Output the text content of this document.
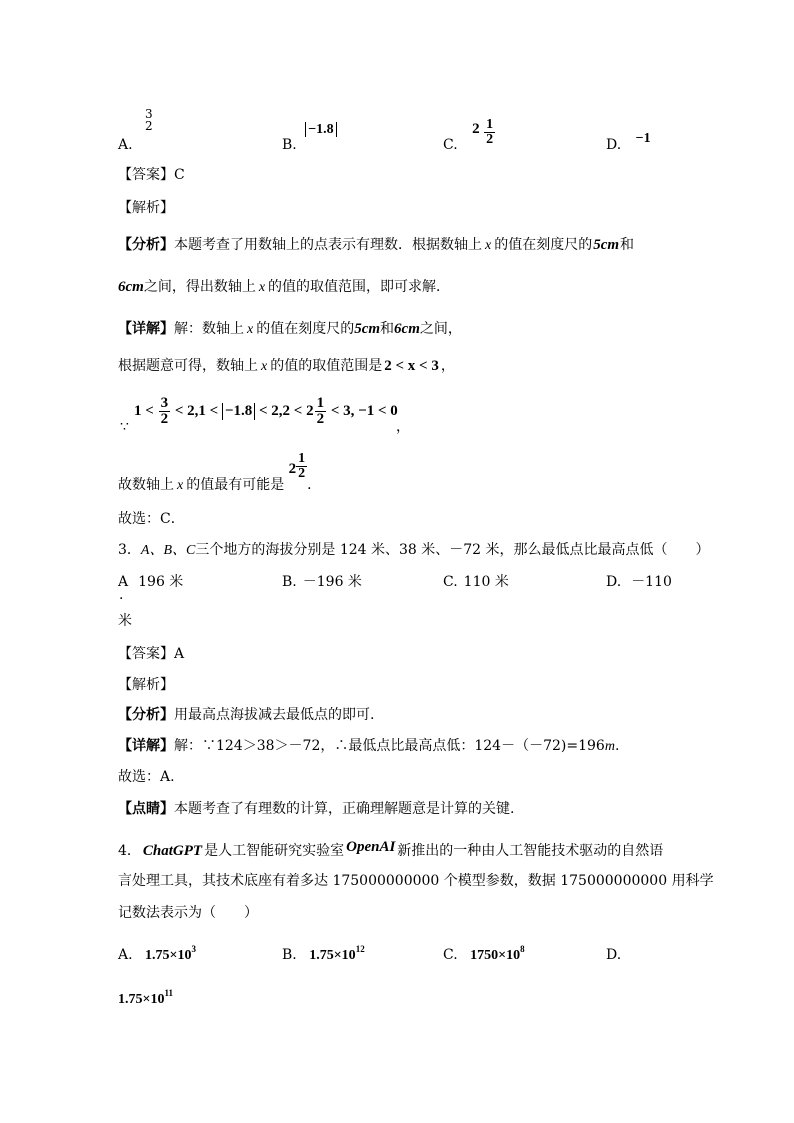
A.
3
2
B. −1.8
C. $2 \frac{1}{2}$	D. −1
【答案】C
【解析】
【分析】本题考查了用数轴上的点表示有理数．根据数轴上 x 的值在刻度尺的5cm和
6cm之间，得出数轴上 x 的值的取值范围，即可求解．
【详解】解：数轴上 x 的值在刻度尺的5cm和6cm之间，
根据题意可得，数轴上 x 的值的取值范围是 2 < x < 3 ，
∵
$1 < \frac{3}{2} < 2,1 < -1.8 < 2,2 < 2 \frac{1}{2} < 3$, −1 < 0
，
故数轴上 x 的值最有可能是 $2 \frac{1}{2}$
．
故选：C．
3．A、B、C三个地方的海拔分别是 124 米、38 米、－72 米，那么最低点比最高点低（　　）
A 196 米
.
B. －196 米	C. 110 米	D. －110
米
【答案】A
【解析】
【分析】用最高点海拔减去最低点的即可.
【详解】解：∵124＞38＞－72，∴最低点比最高点低：124－（－72)=196m.
故选：A.
【点睛】本题考查了有理数的计算，正确理解题意是计算的关键.
4． ChatGPT 是人工智能研究实验室 OpenAI 新推出的一种由人工智能技术驱动的自然语
言处理工具，其技术底座有着多达 175000000000 个模型参数，数据 175000000000 用科学
记数法表示为（　　）
A. $1.75\times 10^3$	B. $1.75\times 10^{12}$	C. $1750\times 10^8$	D.
$1.75\times 10^{11}$
